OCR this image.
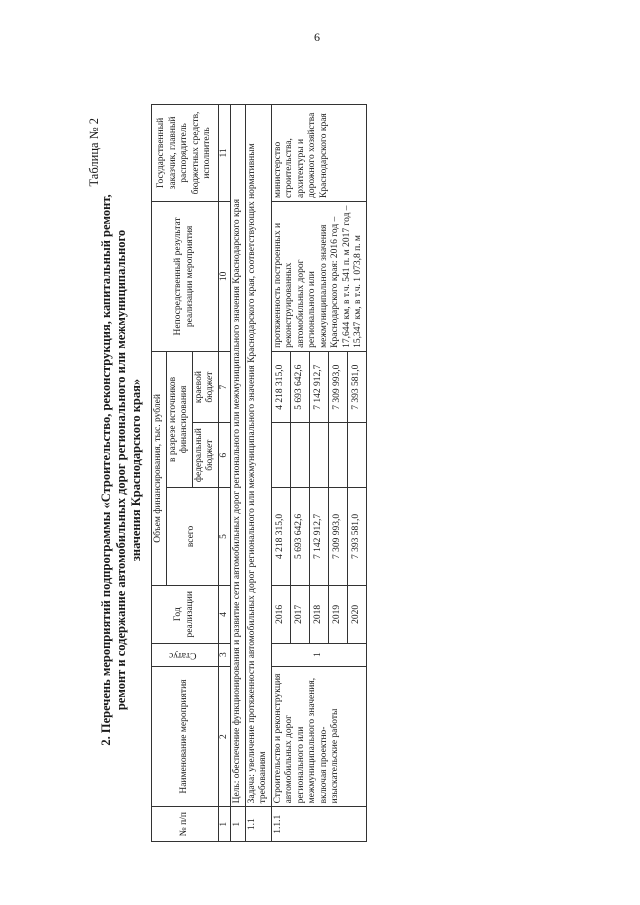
6
Таблица № 2
2. Перечень мероприятий подпрограммы «Строительство, реконструкция, капитальный ремонт, ремонт и содержание автомобильных дорог регионального или межмуниципального значения Краснодарского края»
№ п/п	Наименование мероприятия	Статус	Год реализации	Объем финансирования, тыс. рублей			Непосредственный результат реализации мероприятия	Государственный заказчик, главный распорядитель бюджетных средств, исполнитель
				всего	в разрезе источников финансирования			
					федеральный бюджет	краевой бюджет		
1	2	3	4	5	6	7	10	11
1	Цель: обеспечение функционирования и развитие сети автомобильных дорог регионального или межмуниципального значения Краснодарского края							
1.1	Задача: увеличение протяженности автомобильных дорог регионального или межмуниципального значения Краснодарского края, соответствующих нормативным требованиям							
1.1.1	Строительство и реконструкция автомобильных дорог регионального или межмуниципального значения, включая проектно-изыскательские работы	1	2016	4 218 315,0		4 218 315,0	протяженность построенных и реконструированных автомобильных дорог регионального или межмуниципального значения Краснодарского края: 2016 год – 17,644 км, в т.ч. 541 п. м 2017 год – 15,347 км, в т.ч. 1 073,8 п. м	министерство строительства, архитектуры и дорожного хозяйства Краснодарского края
			2017	5 693 642,6		5 693 642,6		
			2018	7 142 912,7		7 142 912,7		
			2019	7 309 993,0		7 309 993,0		
			2020	7 393 581,0		7 393 581,0		
